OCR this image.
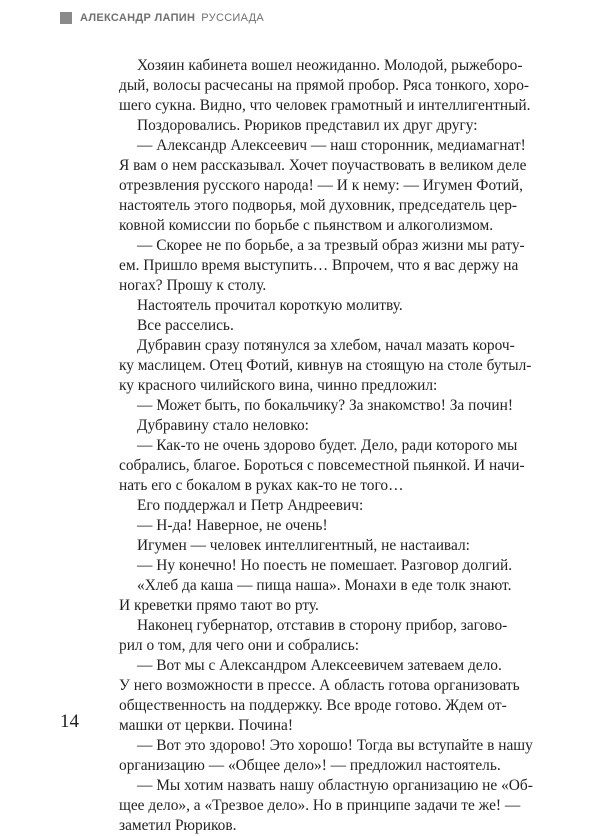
АЛЕКСАНДР ЛАПИН РУССИАДА
Хозяин кабинета вошел неожиданно. Молодой, рыжеборо-
дый, волосы расчесаны на прямой пробор. Ряса тонкого, хоро-
шего сукна. Видно, что человек грамотный и интеллигентный.
Поздоровались. Рюриков представил их друг другу:
— Александр Алексеевич — наш сторонник, медиамагнат!
Я вам о нем рассказывал. Хочет поучаствовать в великом деле
отрезвления русского народа! — И к нему: — Игумен Фотий,
настоятель этого подворья, мой духовник, председатель цер-
ковной комиссии по борьбе с пьянством и алкоголизмом.
— Скорее не по борьбе, а за трезвый образ жизни мы рату-
ем. Пришло время выступить… Впрочем, что я вас держу на
ногах? Прошу к столу.
Настоятель прочитал короткую молитву.
Все расселись.
Дубравин сразу потянулся за хлебом, начал мазать короч-
ку маслицем. Отец Фотий, кивнув на стоящую на столе бутыл-
ку красного чилийского вина, чинно предложил:
— Может быть, по бокальчику? За знакомство! За почин!
Дубравину стало неловко:
— Как-то не очень здорово будет. Дело, ради которого мы
собрались, благое. Бороться с повсеместной пьянкой. И начи-
нать его с бокалом в руках как-то не того…
Его поддержал и Петр Андреевич:
— Н-да! Наверное, не очень!
Игумен — человек интеллигентный, не настаивал:
— Ну конечно! Но поесть не помешает. Разговор долгий.
«Хлеб да каша — пища наша». Монахи в еде толк знают.
И креветки прямо тают во рту.
Наконец губернатор, отставив в сторону прибор, загово-
рил о том, для чего они и собрались:
— Вот мы с Александром Алексеевичем затеваем дело.
У него возможности в прессе. А область готова организовать
общественность на поддержку. Все вроде готово. Ждем от-
машки от церкви. Почина!
— Вот это здорово! Это хорошо! Тогда вы вступайте в нашу
организацию — «Общее дело»! — предложил настоятель.
— Мы хотим назвать нашу областную организацию не «Об-
щее дело», а «Трезвое дело». Но в принципе задачи те же! —
заметил Рюриков.
14
